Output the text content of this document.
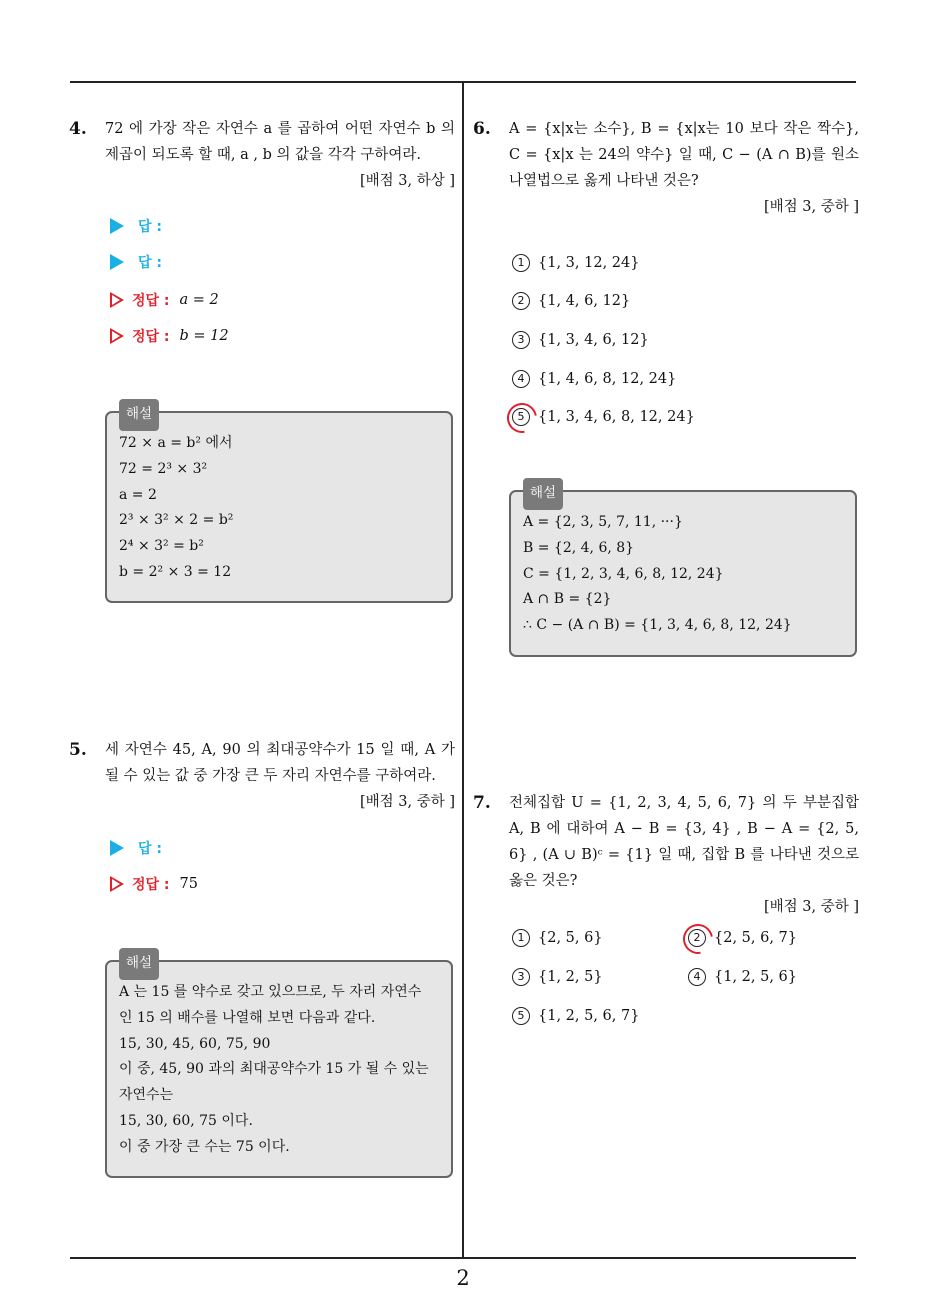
4. 72 에 가장 작은 자연수 a 를 곱하여 어떤 자연수 b 의 제곱이 되도록 할 때, a , b 의 값을 각각 구하여라.
[배점 3, 하상 ]
답 :
답 :
정답 : a = 2
정답 : b = 12
해설
72 × a = b² 에서
72 = 2³ × 3²
a = 2
2³ × 3² × 2 = b²
2⁴ × 3² = b²
b = 2² × 3 = 12
5. 세 자연수 45, A, 90 의 최대공약수가 15 일 때, A 가 될 수 있는 값 중 가장 큰 두 자리 자연수를 구하여라.
[배점 3, 중하 ]
답 :
정답 : 75
해설
A 는 15 를 약수로 갖고 있으므로, 두 자리 자연수
인 15 의 배수를 나열해 보면 다음과 같다.
15, 30, 45, 60, 75, 90
이 중, 45, 90 과의 최대공약수가 15 가 될 수 있는
자연수는
15, 30, 60, 75 이다.
이 중 가장 큰 수는 75 이다.
6. A = {x|x는 소수}, B = {x|x는 10 보다 작은 짝수}, C = {x|x 는 24의 약수} 일 때, C − (A ∩ B)를 원소나열법으로 옳게 나타낸 것은?
[배점 3, 중하 ]
1 {1, 3, 12, 24}
2 {1, 4, 6, 12}
3 {1, 3, 4, 6, 12}
4 {1, 4, 6, 8, 12, 24}
5 {1, 3, 4, 6, 8, 12, 24}
해설
A = {2, 3, 5, 7, 11, ···}
B = {2, 4, 6, 8}
C = {1, 2, 3, 4, 6, 8, 12, 24}
A ∩ B = {2}
∴ C − (A ∩ B) = {1, 3, 4, 6, 8, 12, 24}
7. 전체집합 U = {1, 2, 3, 4, 5, 6, 7} 의 두 부분집합 A, B 에 대하여 A − B = {3, 4} , B − A = {2, 5, 6} , (A ∪ B)ᶜ = {1} 일 때, 집합 B 를 나타낸 것으로 옳은 것은?
[배점 3, 중하 ]
1 {2, 5, 6}	2 {2, 5, 6, 7}
3 {1, 2, 5}	4 {1, 2, 5, 6}
5 {1, 2, 5, 6, 7}
2
